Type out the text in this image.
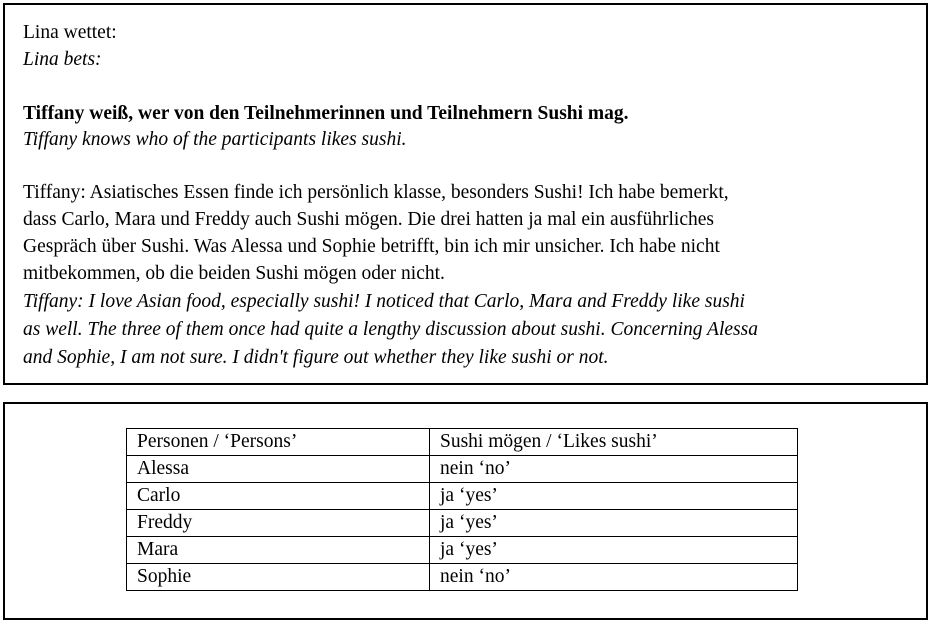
Lina wettet:
Lina bets:
Tiffany weiß, wer von den Teilnehmerinnen und Teilnehmern Sushi mag.
Tiffany knows who of the participants likes sushi.
Tiffany: Asiatisches Essen finde ich persönlich klasse, besonders Sushi! Ich habe bemerkt,
dass Carlo, Mara und Freddy auch Sushi mögen. Die drei hatten ja mal ein ausführliches
Gespräch über Sushi. Was Alessa und Sophie betrifft, bin ich mir unsicher. Ich habe nicht
mitbekommen, ob die beiden Sushi mögen oder nicht.
Tiffany: I love Asian food, especially sushi! I noticed that Carlo, Mara and Freddy like sushi
as well. The three of them once had quite a lengthy discussion about sushi. Concerning Alessa
and Sophie, I am not sure. I didn't figure out whether they like sushi or not.
Personen / ‘Persons’	Sushi mögen / ‘Likes sushi’
Alessa	nein ‘no’
Carlo	ja ‘yes’
Freddy	ja ‘yes’
Mara	ja ‘yes’
Sophie	nein ‘no’
